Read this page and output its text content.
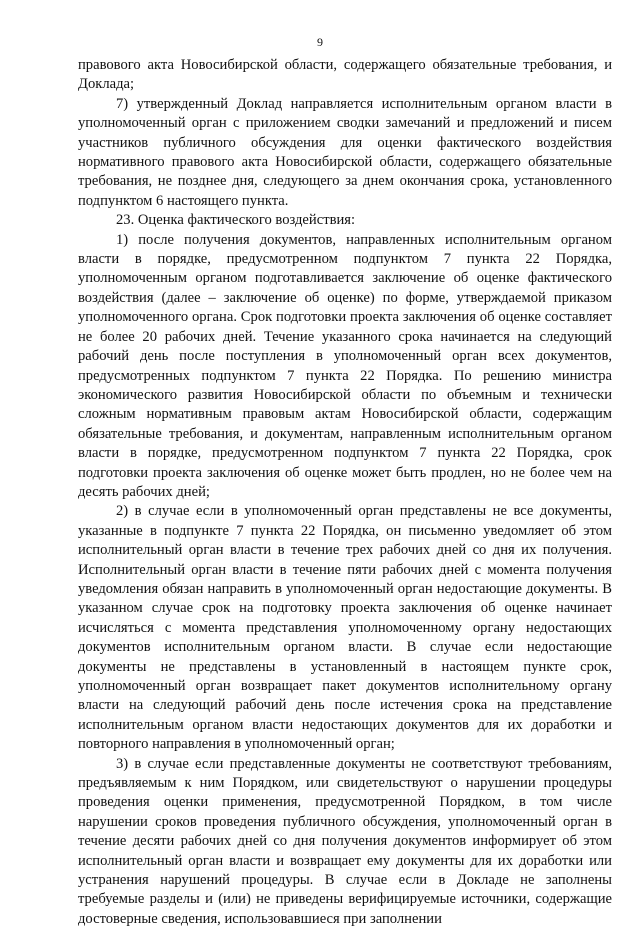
9

правового акта Новосибирской области, содержащего обязательные требования, и Доклада;

7) утвержденный Доклад направляется исполнительным органом власти в уполномоченный орган с приложением сводки замечаний и предложений и писем участников публичного обсуждения для оценки фактического воздействия нормативного правового акта Новосибирской области, содержащего обязательные требования, не позднее дня, следующего за днем окончания срока, установленного подпунктом 6 настоящего пункта.

23. Оценка фактического воздействия:

1) после получения документов, направленных исполнительным органом власти в порядке, предусмотренном подпунктом 7 пункта 22 Порядка, уполномоченным органом подготавливается заключение об оценке фактического воздействия (далее – заключение об оценке) по форме, утверждаемой приказом уполномоченного органа. Срок подготовки проекта заключения об оценке составляет не более 20 рабочих дней. Течение указанного срока начинается на следующий рабочий день после поступления в уполномоченный орган всех документов, предусмотренных подпунктом 7 пункта 22 Порядка. По решению министра экономического развития Новосибирской области по объемным и технически сложным нормативным правовым актам Новосибирской области, содержащим обязательные требования, и документам, направленным исполнительным органом власти в порядке, предусмотренном подпунктом 7 пункта 22 Порядка, срок подготовки проекта заключения об оценке может быть продлен, но не более чем на десять рабочих дней;

2) в случае если в уполномоченный орган представлены не все документы, указанные в подпункте 7 пункта 22 Порядка, он письменно уведомляет об этом исполнительный орган власти в течение трех рабочих дней со дня их получения. Исполнительный орган власти в течение пяти рабочих дней с момента получения уведомления обязан направить в уполномоченный орган недостающие документы. В указанном случае срок на подготовку проекта заключения об оценке начинает исчисляться с момента представления уполномоченному органу недостающих документов исполнительным органом власти. В случае если недостающие документы не представлены в установленный в настоящем пункте срок, уполномоченный орган возвращает пакет документов исполнительному органу власти на следующий рабочий день после истечения срока на представление исполнительным органом власти недостающих документов для их доработки и повторного направления в уполномоченный орган;

3) в случае если представленные документы не соответствуют требованиям, предъявляемым к ним Порядком, или свидетельствуют о нарушении процедуры проведения оценки применения, предусмотренной Порядком, в том числе нарушении сроков проведения публичного обсуждения, уполномоченный орган в течение десяти рабочих дней со дня получения документов информирует об этом исполнительный орган власти и возвращает ему документы для их доработки или устранения нарушений процедуры. В случае если в Докладе не заполнены требуемые разделы и (или) не приведены верифицируемые источники, содержащие достоверные сведения, использовавшиеся при заполнении
